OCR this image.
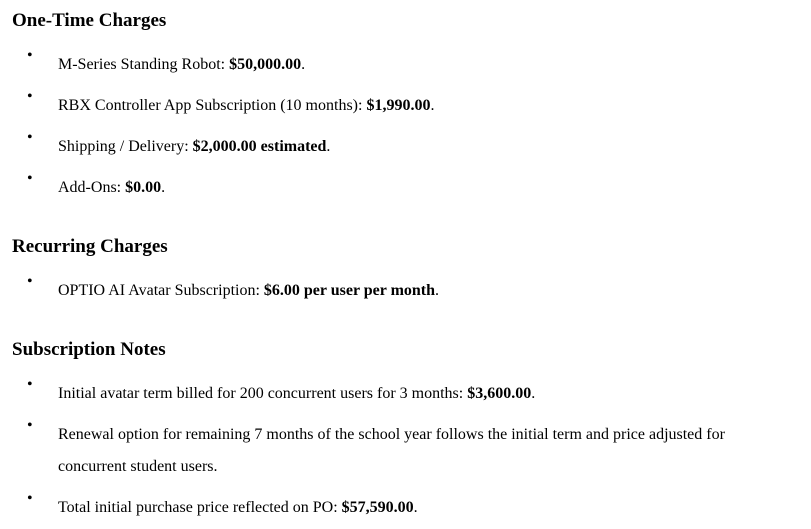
One-Time Charges
•
M-Series Standing Robot: $50,000.00.
•
RBX Controller App Subscription (10 months): $1,990.00.
•
Shipping / Delivery: $2,000.00 estimated.
•
Add-Ons: $0.00.
Recurring Charges
•
OPTIO AI Avatar Subscription: $6.00 per user per month.
Subscription Notes
•
Initial avatar term billed for 200 concurrent users for 3 months: $3,600.00.
•
Renewal option for remaining 7 months of the school year follows the initial term and price adjusted for concurrent student users.
•
Total initial purchase price reflected on PO: $57,590.00.
